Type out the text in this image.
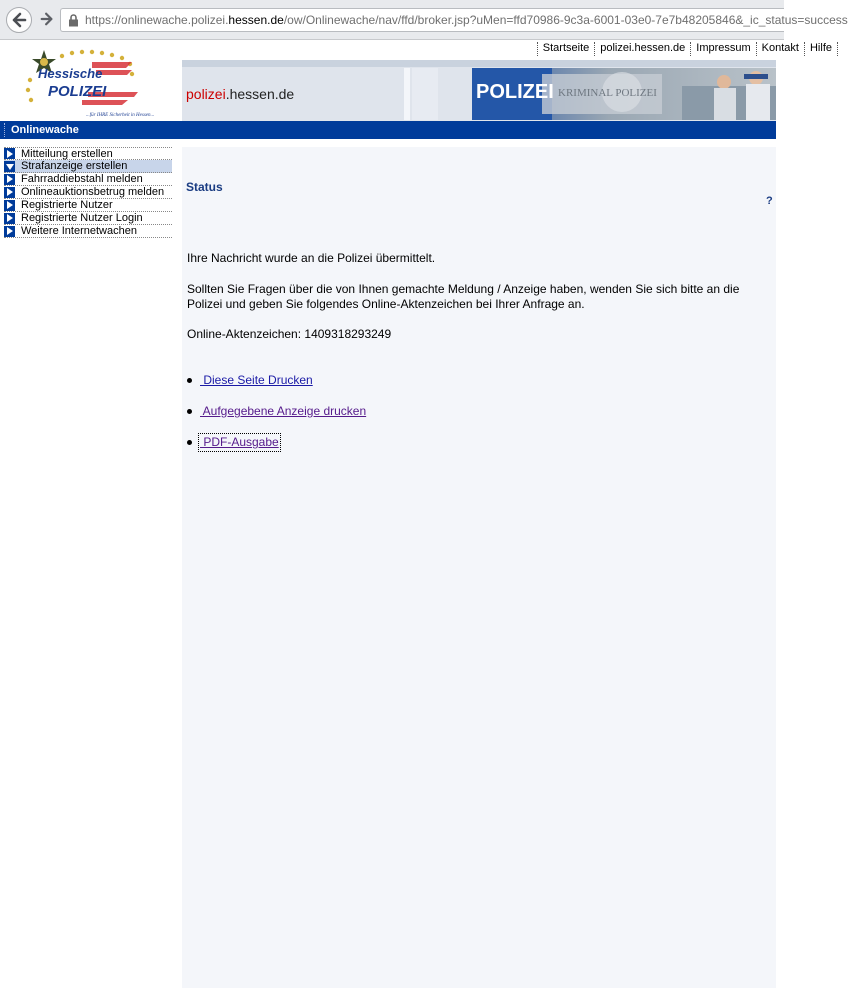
https://onlinewache.polizei.hessen.de/ow/Onlinewache/nav/ffd/broker.jsp?uMen=ffd70986-9c3a-6001-03e0-7e7b48205846&_ic_status=success
Startseite	polizei.hessen.de	Impressum	Kontakt	Hilfe
Hessische
POLIZEI
...für IHRE Sicherheit in Hessen...
polizei.hessen.de	POLIZEI KRIMINAL POLIZEI
Onlinewache
Mitteilung erstellen
Strafanzeige erstellen
Fahrraddiebstahl melden
Onlineauktionsbetrug melden
Registrierte Nutzer
Registrierte Nutzer Login
Weitere Internetwachen
Status
?
Ihre Nachricht wurde an die Polizei übermittelt.
Sollten Sie Fragen über die von Ihnen gemachte Meldung / Anzeige haben, wenden Sie sich bitte an die Polizei und geben Sie folgendes Online-Aktenzeichen bei Ihrer Anfrage an.
Online-Aktenzeichen: 1409318293249
Diese Seite Drucken
Aufgegebene Anzeige drucken
PDF-Ausgabe
